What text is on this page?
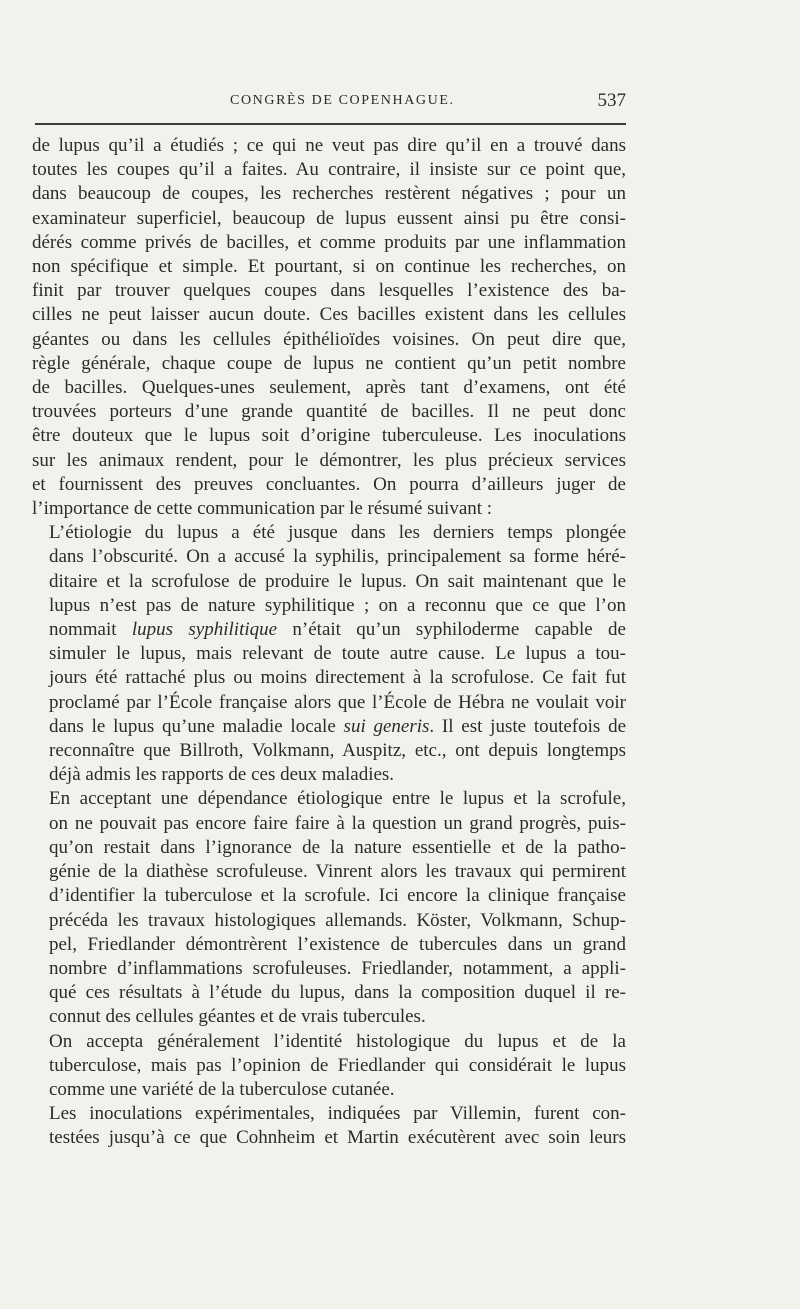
CONGRÈS DE COPENHAGUE.	537

de lupus qu’il a étudiés ; ce qui ne veut pas dire qu’il en a trouvé dans
toutes les coupes qu’il a faites. Au contraire, il insiste sur ce point que,
dans beaucoup de coupes, les recherches restèrent négatives ; pour un
examinateur superficiel, beaucoup de lupus eussent ainsi pu être consi-
dérés comme privés de bacilles, et comme produits par une inflammation
non spécifique et simple. Et pourtant, si on continue les recherches, on
finit par trouver quelques coupes dans lesquelles l’existence des ba-
cilles ne peut laisser aucun doute. Ces bacilles existent dans les cellules
géantes ou dans les cellules épithélioïdes voisines. On peut dire que,
règle générale, chaque coupe de lupus ne contient qu’un petit nombre
de bacilles. Quelques-unes seulement, après tant d’examens, ont été
trouvées porteurs d’une grande quantité de bacilles. Il ne peut donc
être douteux que le lupus soit d’origine tuberculeuse. Les inoculations
sur les animaux rendent, pour le démontrer, les plus précieux services
et fournissent des preuves concluantes. On pourra d’ailleurs juger de
l’importance de cette communication par le résumé suivant :

L’étiologie du lupus a été jusque dans les derniers temps plongée
dans l’obscurité. On a accusé la syphilis, principalement sa forme héré-
ditaire et la scrofulose de produire le lupus. On sait maintenant que le
lupus n’est pas de nature syphilitique ; on a reconnu que ce que l’on
nommait lupus syphilitique n’était qu’un syphiloderme capable de
simuler le lupus, mais relevant de toute autre cause. Le lupus a tou-
jours été rattaché plus ou moins directement à la scrofulose. Ce fait fut
proclamé par l’École française alors que l’École de Hébra ne voulait voir
dans le lupus qu’une maladie locale sui generis. Il est juste toutefois de
reconnaître que Billroth, Volkmann, Auspitz, etc., ont depuis longtemps
déjà admis les rapports de ces deux maladies.

En acceptant une dépendance étiologique entre le lupus et la scrofule,
on ne pouvait pas encore faire faire à la question un grand progrès, puis-
qu’on restait dans l’ignorance de la nature essentielle et de la patho-
génie de la diathèse scrofuleuse. Vinrent alors les travaux qui permirent
d’identifier la tuberculose et la scrofule. Ici encore la clinique française
précéda les travaux histologiques allemands. Köster, Volkmann, Schup-
pel, Friedlander démontrèrent l’existence de tubercules dans un grand
nombre d’inflammations scrofuleuses. Friedlander, notamment, a appli-
qué ces résultats à l’étude du lupus, dans la composition duquel il re-
connut des cellules géantes et de vrais tubercules.

On accepta généralement l’identité histologique du lupus et de la
tuberculose, mais pas l’opinion de Friedlander qui considérait le lupus
comme une variété de la tuberculose cutanée.

Les inoculations expérimentales, indiquées par Villemin, furent con-
testées jusqu’à ce que Cohnheim et Martin exécutèrent avec soin leurs
